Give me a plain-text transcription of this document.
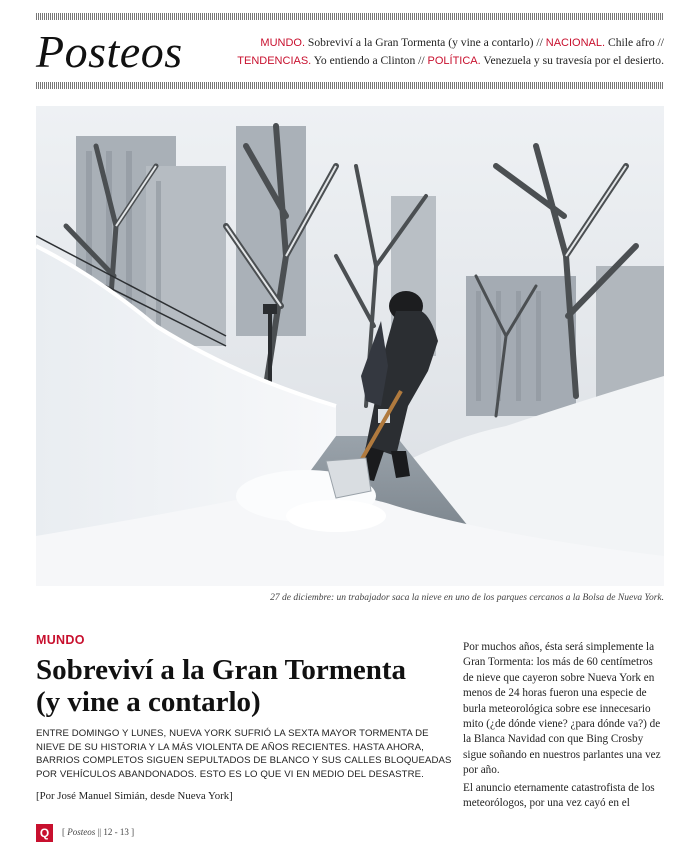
Posteos	MUNDO. Sobreviví a la Gran Tormenta (y vine a contarlo) // NACIONAL. Chile afro //
TENDENCIAS. Yo entiendo a Clinton // POLÍTICA. Venezuela y su travesía por el desierto.
27 de diciembre: un trabajador saca la nieve en uno de los parques cercanos a la Bolsa de Nueva York.
MUNDO
Sobreviví a la Gran Tormenta
(y vine a contarlo)
ENTRE DOMINGO Y LUNES, NUEVA YORK SUFRIÓ LA SEXTA MAYOR TORMENTA DE NIEVE DE SU HISTORIA Y LA MÁS VIOLENTA DE AÑOS RECIENTES. HASTA AHORA, BARRIOS COMPLETOS SIGUEN SEPULTADOS DE BLANCO Y SUS CALLES BLOQUEADAS POR VEHÍCULOS ABANDONADOS. ESTO ES LO QUE VI EN MEDIO DEL DESASTRE.
[Por José Manuel Simián, desde Nueva York]

Por muchos años, ésta será simplemente la Gran Tormenta: los más de 60 centímetros de nieve que cayeron sobre Nueva York en menos de 24 horas fueron una especie de burla meteorológica sobre ese innecesario mito (¿de dónde viene? ¿para dónde va?) de la Blanca Navidad con que Bing Crosby sigue soñando en nuestros parlantes una vez por año.

El anuncio eternamente catastrofista de los meteorólogos, por una vez cayó en el

Q	[ Posteos || 12 - 13 ]
